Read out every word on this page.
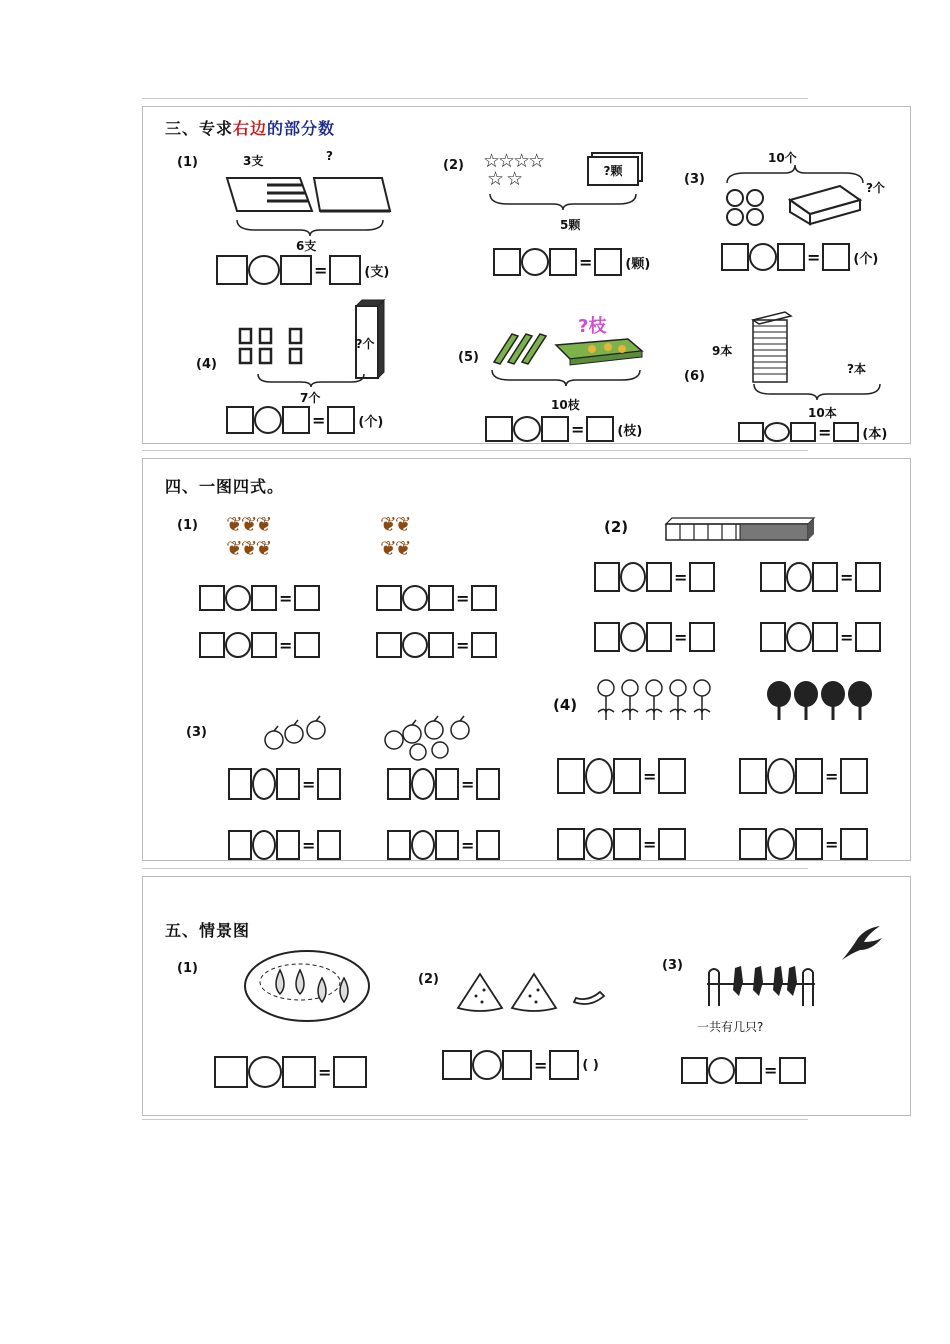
三、专求右边的部分数
(1)	3支	?
6支
=	(支)
(2) ☆☆☆☆
☆ ☆	?颗
5颗
=	(颗)
(3)
10个
?个
=	(个)
(4)
?个
7个
=	(个)
(5)
?枝
10枝
=	(枝)
(6)
9本
?本
10本
= (本)
四、一图四式。
(1) ❦❦❦
❦❦❦
❦❦
❦❦
=	=
=	=
(2)
=	=
=	=
(3)
=	=
=	=
(4)
=	=
=	=
五、情景图
(1)
=
(2)
=	( )
(3)
一共有几只?
=
